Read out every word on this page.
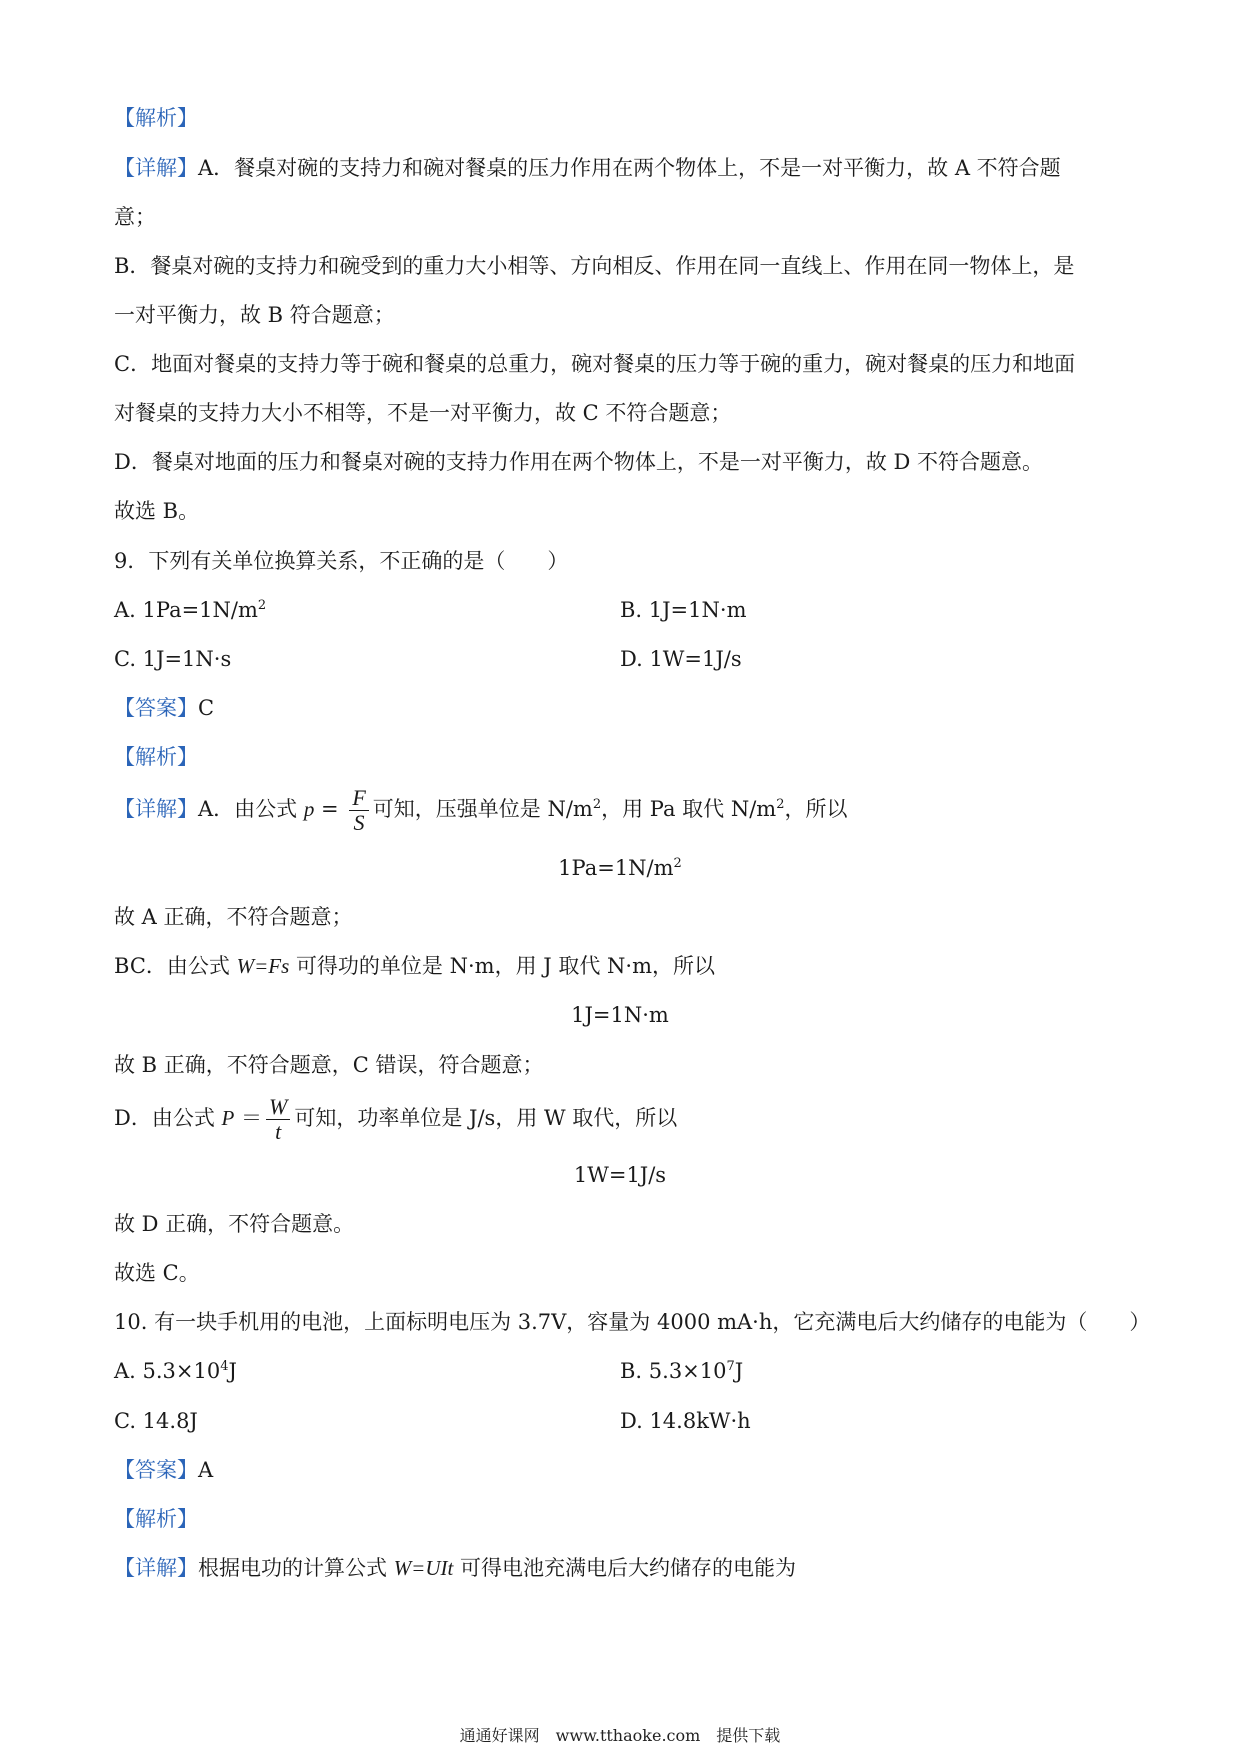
【解析】
【详解】A．餐桌对碗的支持力和碗对餐桌的压力作用在两个物体上，不是一对平衡力，故 A 不符合题
意；
B．餐桌对碗的支持力和碗受到的重力大小相等、方向相反、作用在同一直线上、作用在同一物体上，是
一对平衡力，故 B 符合题意；
C．地面对餐桌的支持力等于碗和餐桌的总重力，碗对餐桌的压力等于碗的重力，碗对餐桌的压力和地面
对餐桌的支持力大小不相等，不是一对平衡力，故 C 不符合题意；
D．餐桌对地面的压力和餐桌对碗的支持力作用在两个物体上，不是一对平衡力，故 D 不符合题意。
故选 B。
9．下列有关单位换算关系，不正确的是（　　）
A. $1Pa=1N/m^2$	B. 1J=1N·m
C. 1J=1N·s	D. 1W=1J/s
【答案】C
【解析】
【详解】A．由公式 $p = \frac{F}{S}$ 可知，压强单位是 $N/m^2$，用 Pa 取代 $N/m^2$，所以
$1Pa=1N/m^2$
故 A 正确，不符合题意；
BC．由公式 W=Fs 可得功的单位是 N·m，用 J 取代 N·m，所以
1J=1N·m
故 B 正确，不符合题意，C 错误，符合题意；
D．由公式 $P = \frac{W}{t}$ 可知，功率单位是 J/s，用 W 取代，所以
1W=1J/s
故 D 正确，不符合题意。
故选 C。
10. 有一块手机用的电池，上面标明电压为 3.7V，容量为 4000 mA·h，它充满电后大约储存的电能为（　　）
A. $5.3\times 10^4J$	B. $5.3\times 10^7J$
C. 14.8J	D. 14.8kW·h
【答案】A
【解析】
【详解】根据电功的计算公式 W=UIt 可得电池充满电后大约储存的电能为
通通好课网　www.tthaoke.com　提供下载
